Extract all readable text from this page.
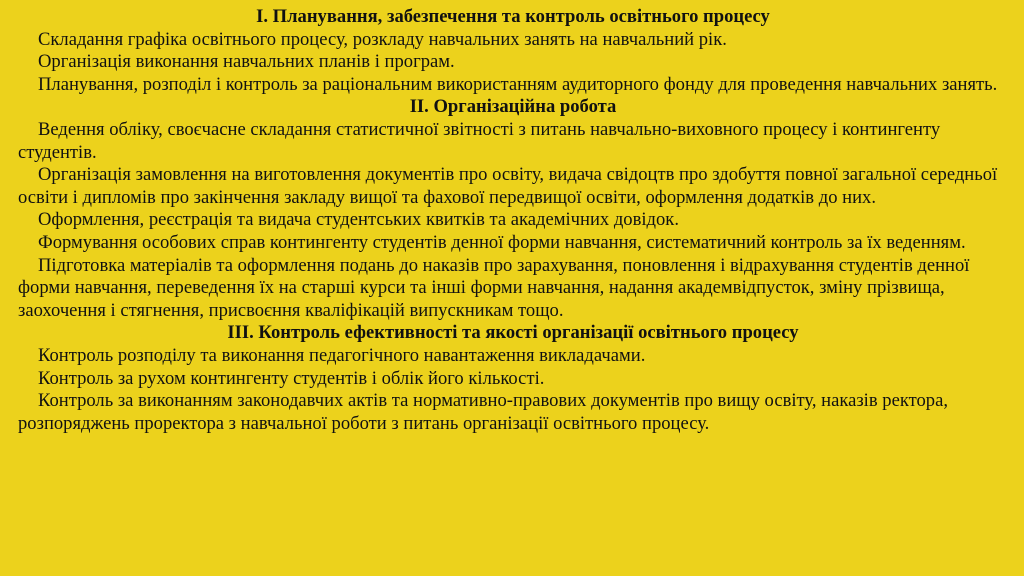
I. Планування, забезпечення та контроль освітнього процесу
Складання графіка освітнього процесу, розкладу навчальних занять на навчальний рік.
Організація виконання навчальних планів і програм.
Планування, розподіл і контроль за раціональним використанням аудиторного фонду для проведення навчальних занять.
ІІ. Організаційна робота
Ведення обліку, своєчасне складання статистичної звітності з питань навчально-виховного процесу і контингенту студентів.
Організація замовлення на виготовлення документів про освіту, видача свідоцтв про здобуття повної загальної середньої освіти і дипломів про закінчення закладу вищої та фахової передвищої освіти, оформлення додатків до них.
Оформлення, реєстрація та видача студентських квитків та академічних довідок.
Формування особових справ контингенту студентів денної форми навчання, систематичний контроль за їх веденням.
Підготовка матеріалів та оформлення подань до наказів про зарахування, поновлення і відрахування студентів денної форми навчання, переведення їх на старші курси та інші форми навчання, надання академвідпусток, зміну прізвища, заохочення і стягнення, присвоєння кваліфікацій випускникам тощо.
ІІІ. Контроль ефективності та якості організації освітнього процесу
Контроль розподілу та виконання педагогічного навантаження викладачами.
Контроль за рухом контингенту студентів і облік його кількості.
Контроль за виконанням законодавчих актів та нормативно-правових документів про вищу освіту, наказів ректора, розпоряджень проректора з навчальної роботи з питань організації освітнього процесу.
